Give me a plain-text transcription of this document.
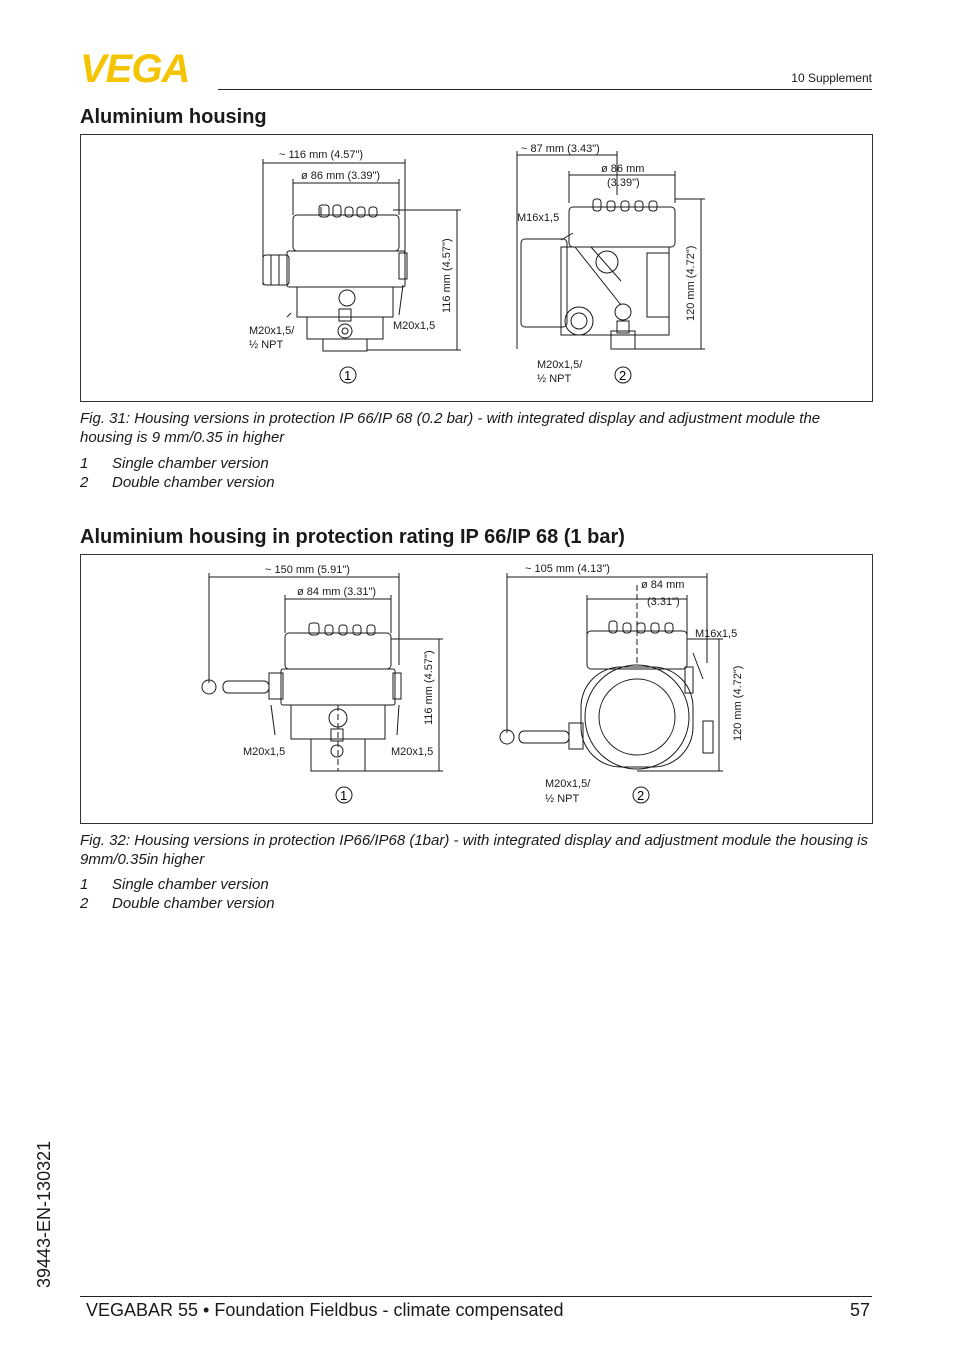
VEGA	10 Supplement
Aluminium housing
~ 116 mm (4.57")
ø 86 mm (3.39")
116 mm (4.57")
M20x1,5/
½ NPT
M20x1,5
1
~ 87 mm (3.43")
ø 86 mm
(3.39")
M16x1,5
120 mm (4.72")
M20x1,5/
½ NPT	2
Fig. 31: Housing versions in protection IP 66/IP 68 (0.2 bar) - with integrated display and adjustment module the housing is 9 mm/0.35 in higher
1 Single chamber version
2 Double chamber version
Aluminium housing in protection rating IP 66/IP 68 (1 bar)
~ 150 mm (5.91")
ø 84 mm (3.31")
116 mm (4.57")
M20x1,5	M20x1,5
1
~ 105 mm (4.13")
ø 84 mm
(3.31")
M16x1,5
120 mm (4.72")
M20x1,5/
½ NPT	2
Fig. 32: Housing versions in protection IP66/IP68 (1bar) - with integrated display and adjustment module the housing is 9mm/0.35in higher
1 Single chamber version
2 Double chamber version
39443-EN-130321
VEGABAR 55 • Foundation Fieldbus - climate compensated	57
